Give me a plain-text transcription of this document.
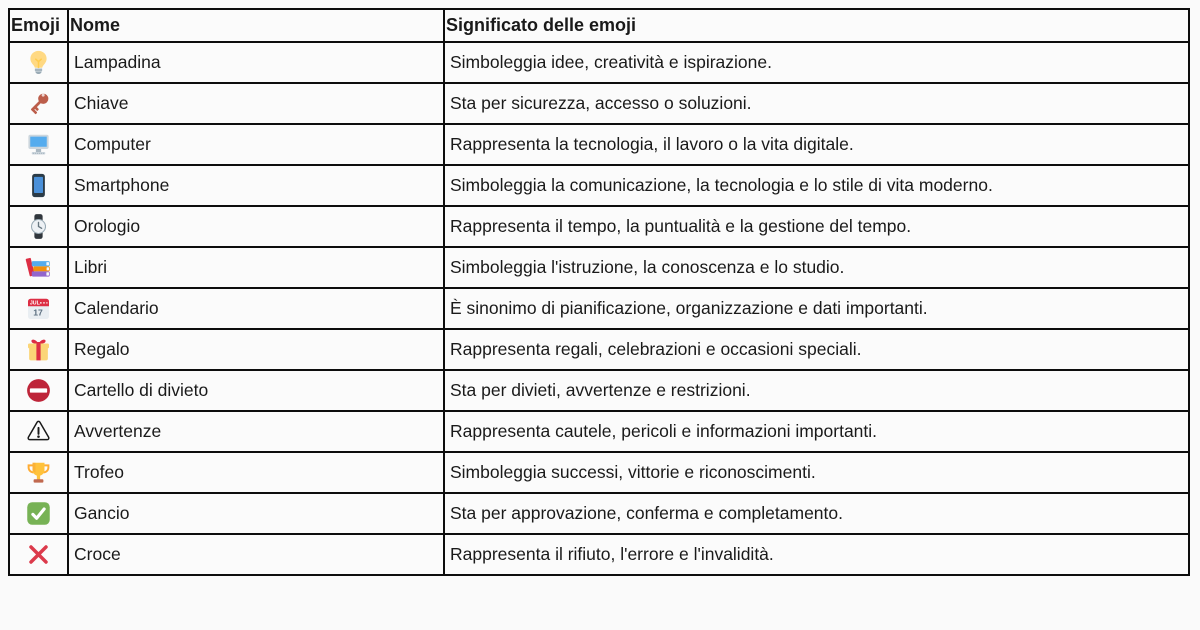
Emoji	Nome	Significato delle emoji

	Lampadina	Simboleggia idee, creatività e ispirazione.

	Chiave	Sta per sicurezza, accesso o soluzioni.

	Computer	Rappresenta la tecnologia, il lavoro o la vita digitale.

	Smartphone	Simboleggia la comunicazione, la tecnologia e lo stile di vita moderno.

	Orologio	Rappresenta il tempo, la puntualità e la gestione del tempo.

	Libri	Simboleggia l'istruzione, la conoscenza e lo studio.

	Calendario	È sinonimo di pianificazione, organizzazione e dati importanti.

	Regalo	Rappresenta regali, celebrazioni e occasioni speciali.

	Cartello di divieto	Sta per divieti, avvertenze e restrizioni.

	Avvertenze	Rappresenta cautele, pericoli e informazioni importanti.

	Trofeo	Simboleggia successi, vittorie e riconoscimenti.

	Gancio	Sta per approvazione, conferma e completamento.

	Croce	Rappresenta il rifiuto, l'errore e l'invalidità.
